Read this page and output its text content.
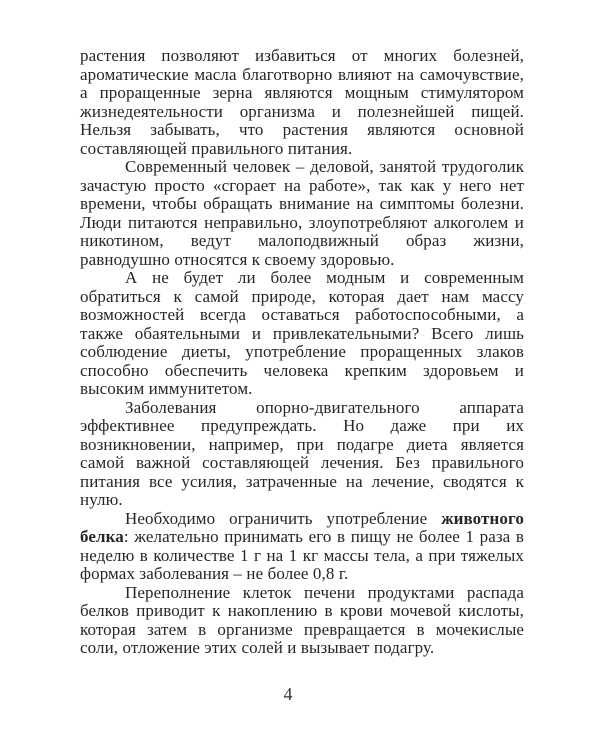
растения позволяют избавиться от многих болезней, ароматические масла благотворно влияют на самочувствие, а проращенные зерна являются мощным стимулятором жизнедеятельности организма и полезнейшей пищей. Нельзя забывать, что растения являются основной составляющей правильного питания.

Современный человек – деловой, занятой трудоголик зачастую просто «сгорает на работе», так как у него нет времени, чтобы обращать внимание на симптомы болезни. Люди питаются неправильно, злоупотребляют алкоголем и никотином, ведут малоподвижный образ жизни, равнодушно относятся к своему здоровью.

А не будет ли более модным и современным обратиться к самой природе, которая дает нам массу возможностей всегда оставаться работоспособными, а также обаятельными и привлекательными? Всего лишь соблюдение диеты, употребление проращенных злаков способно обеспечить человека крепким здоровьем и высоким иммунитетом.

Заболевания опорно-двигательного аппарата эффективнее предупреждать. Но даже при их возникновении, например, при подагре диета является самой важной составляющей лечения. Без правильного питания все усилия, затраченные на лечение, сводятся к нулю.

Необходимо ограничить употребление животного белка: желательно принимать его в пищу не более 1 раза в неделю в количестве 1 г на 1 кг массы тела, а при тяжелых формах заболевания – не более 0,8 г.

Переполнение клеток печени продуктами распада белков приводит к накоплению в крови мочевой кислоты, которая затем в организме превращается в мочекислые соли, отложение этих солей и вызывает подагру.

4
